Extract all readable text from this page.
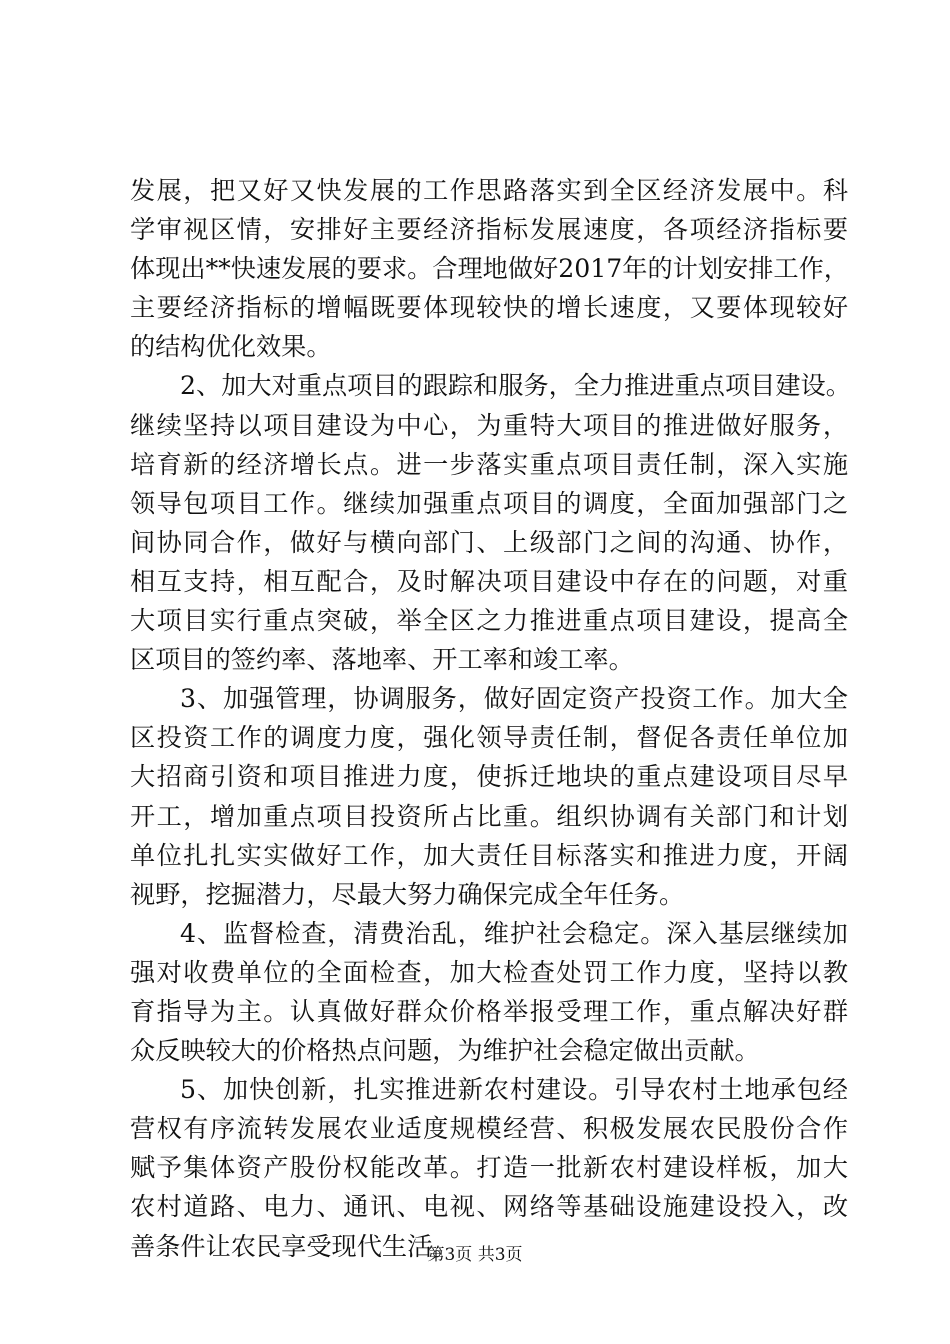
发展，把又好又快发展的工作思路落实到全区经济发展中。科
学审视区情，安排好主要经济指标发展速度，各项经济指标要
体现出**快速发展的要求。合理地做好2017年的计划安排工作，
主要经济指标的增幅既要体现较快的增长速度，又要体现较好
的结构优化效果。
2、加大对重点项目的跟踪和服务，全力推进重点项目建设。
继续坚持以项目建设为中心，为重特大项目的推进做好服务，
培育新的经济增长点。进一步落实重点项目责任制，深入实施
领导包项目工作。继续加强重点项目的调度，全面加强部门之
间协同合作，做好与横向部门、上级部门之间的沟通、协作，
相互支持，相互配合，及时解决项目建设中存在的问题，对重
大项目实行重点突破，举全区之力推进重点项目建设，提高全
区项目的签约率、落地率、开工率和竣工率。
3、加强管理，协调服务，做好固定资产投资工作。加大全
区投资工作的调度力度，强化领导责任制，督促各责任单位加
大招商引资和项目推进力度，使拆迁地块的重点建设项目尽早
开工，增加重点项目投资所占比重。组织协调有关部门和计划
单位扎扎实实做好工作，加大责任目标落实和推进力度，开阔
视野，挖掘潜力，尽最大努力确保完成全年任务。
4、监督检查，清费治乱，维护社会稳定。深入基层继续加
强对收费单位的全面检查，加大检查处罚工作力度，坚持以教
育指导为主。认真做好群众价格举报受理工作，重点解决好群
众反映较大的价格热点问题，为维护社会稳定做出贡献。
5、加快创新，扎实推进新农村建设。引导农村土地承包经
营权有序流转发展农业适度规模经营、积极发展农民股份合作
赋予集体资产股份权能改革。打造一批新农村建设样板，加大
农村道路、电力、通讯、电视、网络等基础设施建设投入，改
善条件让农民享受现代生活。
第3页 共3页
